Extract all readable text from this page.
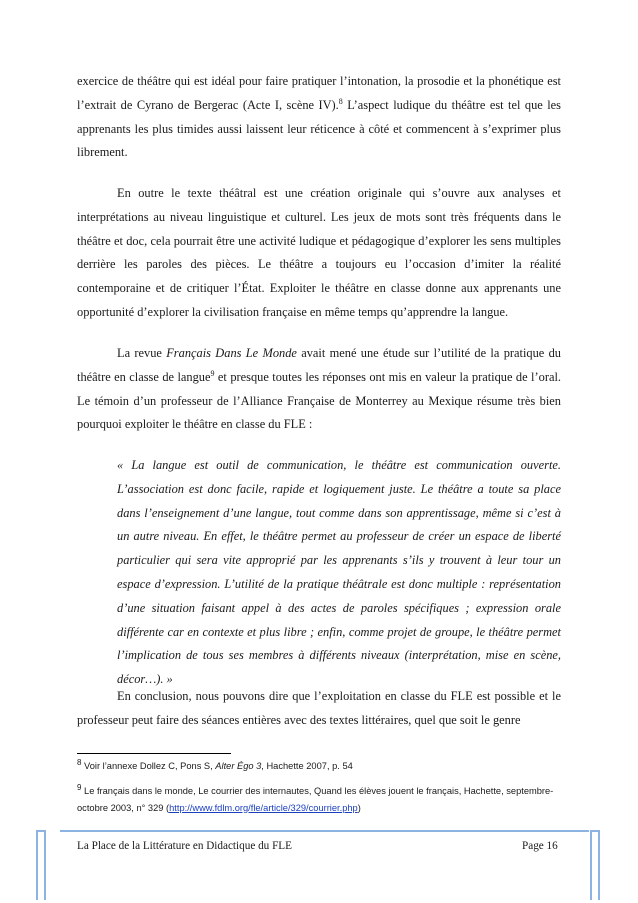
exercice de théâtre qui est idéal pour faire pratiquer l’intonation, la prosodie et la phonétique est l’extrait de Cyrano de Bergerac (Acte I, scène IV).$^8$ L’aspect ludique du théâtre est tel que les apprenants les plus timides aussi laissent leur réticence à côté et commencent à s’exprimer plus librement.

En outre le texte théâtral est une création originale qui s’ouvre aux analyses et interprétations au niveau linguistique et culturel. Les jeux de mots sont très fréquents dans le théâtre et doc, cela pourrait être une activité ludique et pédagogique d’explorer les sens multiples derrière les paroles des pièces. Le théâtre a toujours eu l’occasion d’imiter la réalité contemporaine et de critiquer l’État. Exploiter le théâtre en classe donne aux apprenants une opportunité d’explorer la civilisation française en même temps qu’apprendre la langue.

La revue Français Dans Le Monde avait mené une étude sur l’utilité de la pratique du théâtre en classe de langue$^9$ et presque toutes les réponses ont mis en valeur la pratique de l’oral. Le témoin d’un professeur de l’Alliance Française de Monterrey au Mexique résume très bien pourquoi exploiter le théâtre en classe du FLE :

« La langue est outil de communication, le théâtre est communication ouverte. L’association est donc facile, rapide et logiquement juste. Le théâtre a toute sa place dans l’enseignement d’une langue, tout comme dans son apprentissage, même si c’est à un autre niveau. En effet, le théâtre permet au professeur de créer un espace de liberté particulier qui sera vite approprié par les apprenants s’ils y trouvent à leur tour un espace d’expression. L’utilité de la pratique théâtrale est donc multiple : représentation d’une situation faisant appel à des actes de paroles spécifiques ; expression orale différente car en contexte et plus libre ; enfin, comme projet de groupe, le théâtre permet l’implication de tous ses membres à différents niveaux (interprétation, mise en scène, décor…). »

En conclusion, nous pouvons dire que l’exploitation en classe du FLE est possible et le professeur peut faire des séances entières avec des textes littéraires, quel que soit le genre

$^8$ Voir l’annexe Dollez C, Pons S, Alter Égo 3, Hachette 2007, p. 54

$^9$ Le français dans le monde, Le courrier des internautes, Quand les élèves jouent le français, Hachette, septembre-octobre 2003, n° 329 (http://www.fdlm.org/fle/article/329/courrier.php)

La Place de la Littérature en Didactique du FLE	Page 16
